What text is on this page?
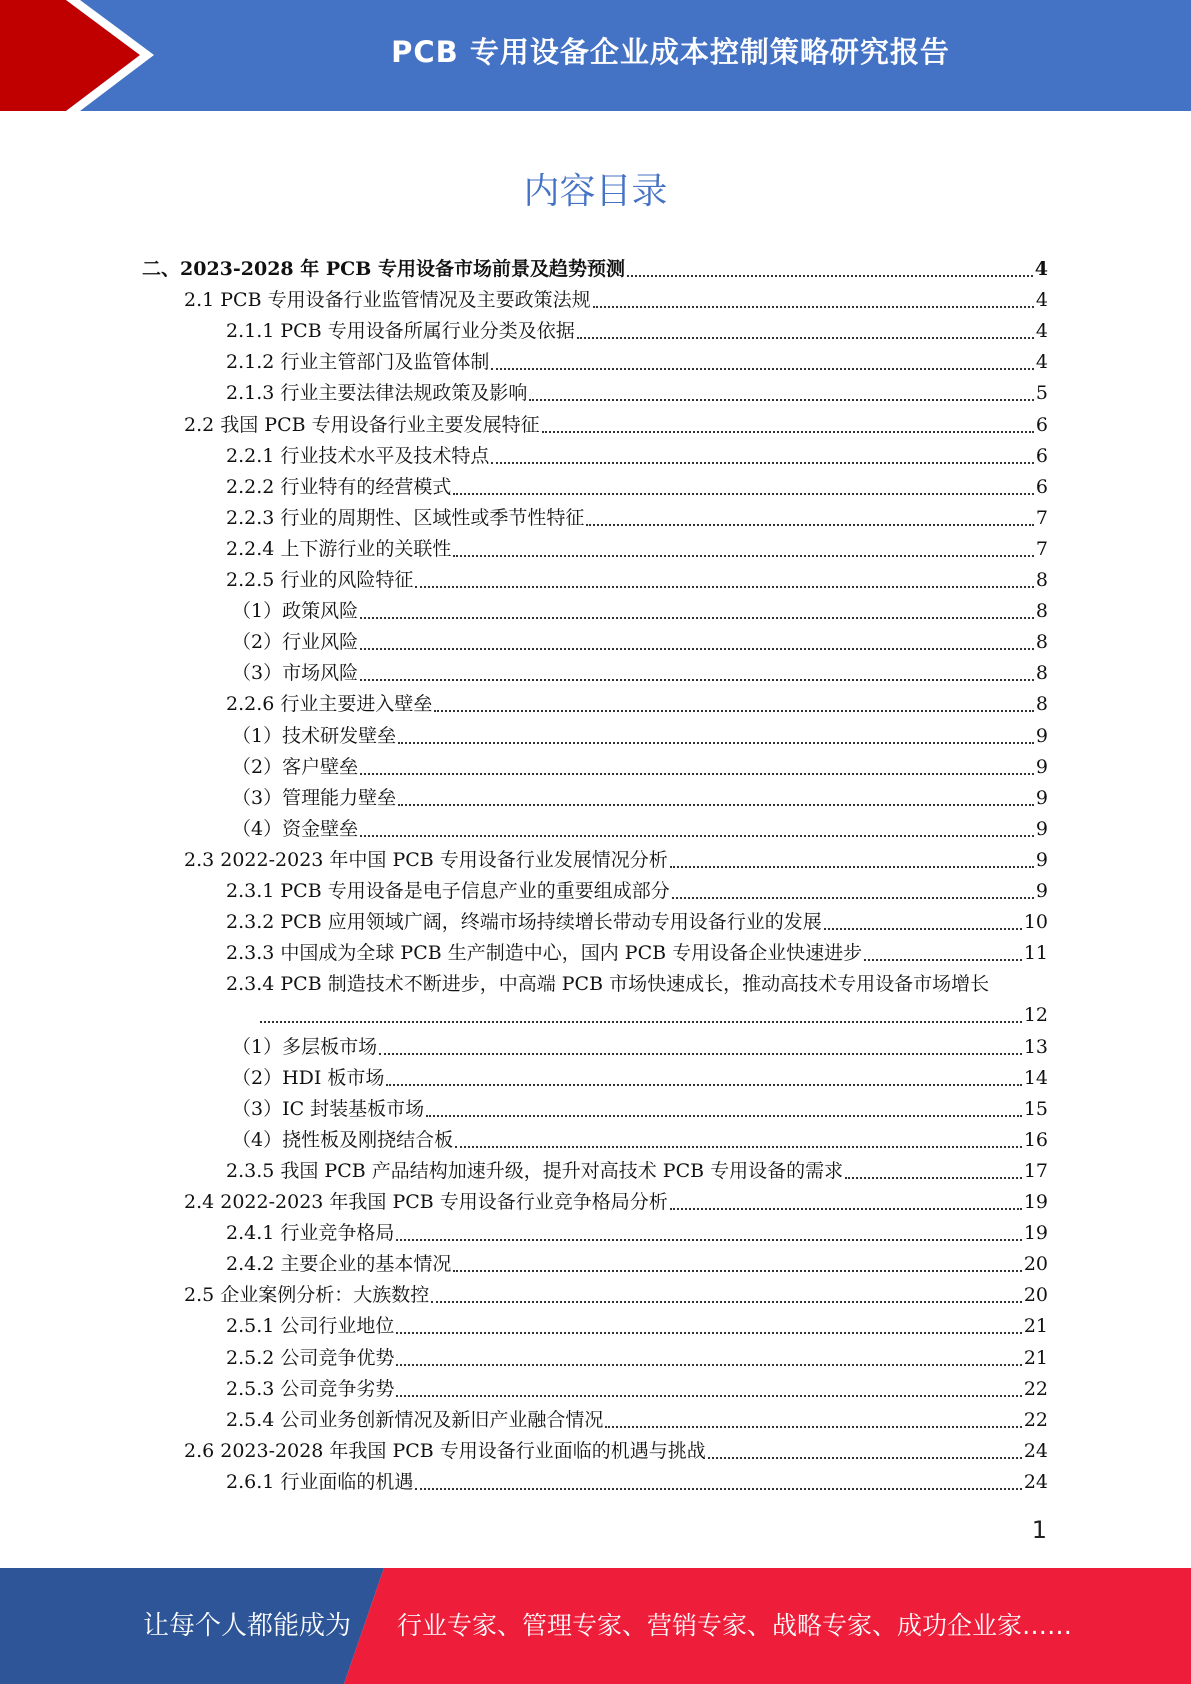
PCB 专用设备企业成本控制策略研究报告
内容目录
二、2023-2028 年 PCB 专用设备市场前景及趋势预测	4
2.1 PCB 专用设备行业监管情况及主要政策法规	4
2.1.1 PCB 专用设备所属行业分类及依据	4
2.1.2 行业主管部门及监管体制	4
2.1.3 行业主要法律法规政策及影响	5
2.2 我国 PCB 专用设备行业主要发展特征	6
2.2.1 行业技术水平及技术特点	6
2.2.2 行业特有的经营模式	6
2.2.3 行业的周期性、区域性或季节性特征	7
2.2.4 上下游行业的关联性	7
2.2.5 行业的风险特征	8
（1）政策风险	8
（2）行业风险	8
（3）市场风险	8
2.2.6 行业主要进入壁垒	8
（1）技术研发壁垒	9
（2）客户壁垒	9
（3）管理能力壁垒	9
（4）资金壁垒	9
2.3 2022-2023 年中国 PCB 专用设备行业发展情况分析	9
2.3.1 PCB 专用设备是电子信息产业的重要组成部分	9
2.3.2 PCB 应用领域广阔，终端市场持续增长带动专用设备行业的发展	10
2.3.3 中国成为全球 PCB 生产制造中心，国内 PCB 专用设备企业快速进步	11
2.3.4 PCB 制造技术不断进步，中高端 PCB 市场快速成长，推动高技术专用设备市场增长
12
（1）多层板市场	13
（2）HDI 板市场	14
（3）IC 封装基板市场	15
（4）挠性板及刚挠结合板	16
2.3.5 我国 PCB 产品结构加速升级，提升对高技术 PCB 专用设备的需求	17
2.4 2022-2023 年我国 PCB 专用设备行业竞争格局分析	19
2.4.1 行业竞争格局	19
2.4.2 主要企业的基本情况	20
2.5 企业案例分析：大族数控	20
2.5.1 公司行业地位	21
2.5.2 公司竞争优势	21
2.5.3 公司竞争劣势	22
2.5.4 公司业务创新情况及新旧产业融合情况	22
2.6 2023-2028 年我国 PCB 专用设备行业面临的机遇与挑战	24
2.6.1 行业面临的机遇	24
1
让每个人都能成为 行业专家、管理专家、营销专家、战略专家、成功企业家……
